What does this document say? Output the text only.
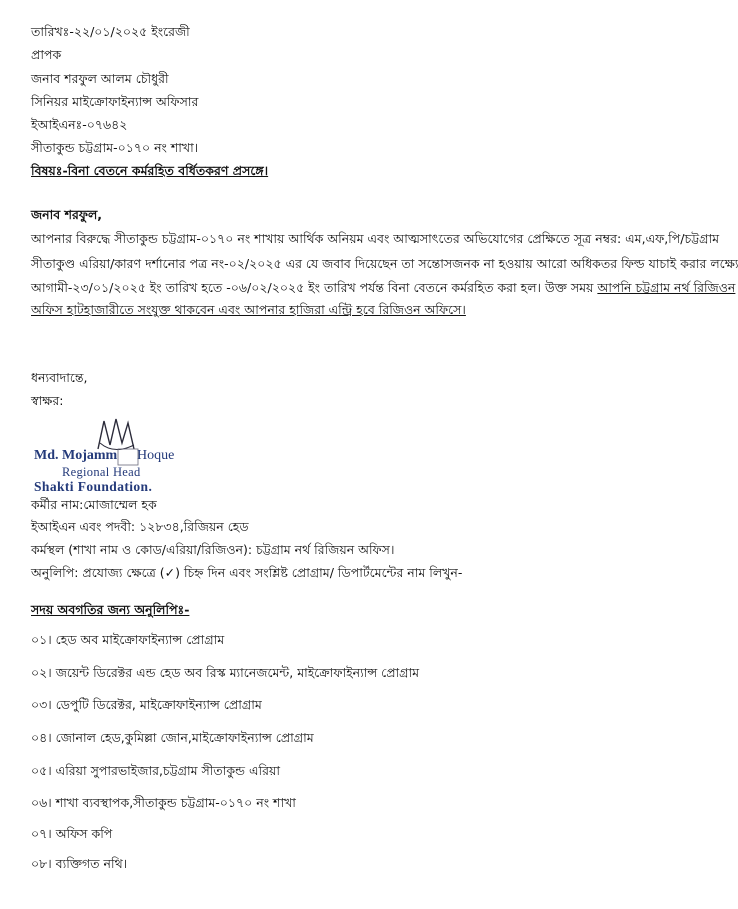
তারিখঃ-২২/০১/২০২৫ ইংরেজী
প্রাপক
জনাব শরফুল আলম চৌধুরী
সিনিয়র মাইক্রোফাইন্যান্স অফিসার
ইআইএনঃ-০৭৬৪২
সীতাকুন্ড চট্টগ্রাম-০১৭০ নং শাখা।
বিষয়ঃ-বিনা বেতনে কর্মরহিত বর্ধিতকরণ প্রসঙ্গে।
জনাব শরফুল,
আপনার বিরুদ্ধে সীতাকুন্ড চট্টগ্রাম-০১৭০ নং শাখায় আর্থিক অনিয়ম এবং আত্মসাৎতের অভিযোগের প্রেক্ষিতে সূত্র নম্বর: এম,এফ,পি/চট্টগ্রাম
সীতাকুণ্ড এরিয়া/কারণ দর্শানোর পত্র নং-০২/২০২৫ এর যে জবাব দিয়েছেন তা সন্তোসজনক না হওয়ায় আরো অধিকতর ফিল্ড যাচাই করার লক্ষ্যে
আগামী-২৩/০১/২০২৫ ইং তারিখ হতে -০৬/০২/২০২৫ ইং তারিখ পর্যন্ত বিনা বেতনে কর্মরহিত করা হল। উক্ত সময় আপনি চট্টগ্রাম নর্থ রিজিওন
অফিস হাটহাজারীতে সংযুক্ত থাকবেন এবং আপনার হাজিরা এন্ট্রি হবে রিজিওন অফিসে।
ধন্যবাদান্তে,
স্বাক্ষর:
Md. Mojamm Hoque
Regional Head
Shakti Foundation.
কর্মীর নাম:মোজাম্মেল হক
ইআইএন এবং পদবী: ১২৮৩৪,রিজিয়ন হেড
কর্মস্থল (শাখা নাম ও কোড/এরিয়া/রিজিওন): চট্টগ্রাম নর্থ রিজিয়ন অফিস।
অনুলিপি: প্রযোজ্য ক্ষেত্রে (✓) চিহ্ন দিন এবং সংশ্লিষ্ট প্রোগ্রাম/ ডিপার্টমেন্টের নাম লিখুন-
সদয় অবগতির জন্য অনুলিপিঃ-
০১। হেড অব মাইক্রোফাইন্যান্স প্রোগ্রাম
০২। জয়েন্ট ডিরেক্টর এন্ড হেড অব রিস্ক ম্যানেজমেন্ট, মাইক্রোফাইন্যান্স প্রোগ্রাম
০৩। ডেপুটি ডিরেক্টর, মাইক্রোফাইন্যান্স প্রোগ্রাম
০৪। জোনাল হেড,কুমিল্লা জোন,মাইক্রোফাইন্যান্স প্রোগ্রাম
০৫। এরিয়া সুপারভাইজার,চট্টগ্রাম সীতাকুন্ড এরিয়া
০৬। শাখা ব্যবস্থাপক,সীতাকুন্ড চট্টগ্রাম-০১৭০ নং শাখা
০৭। অফিস কপি
০৮। ব্যক্তিগত নথি।
